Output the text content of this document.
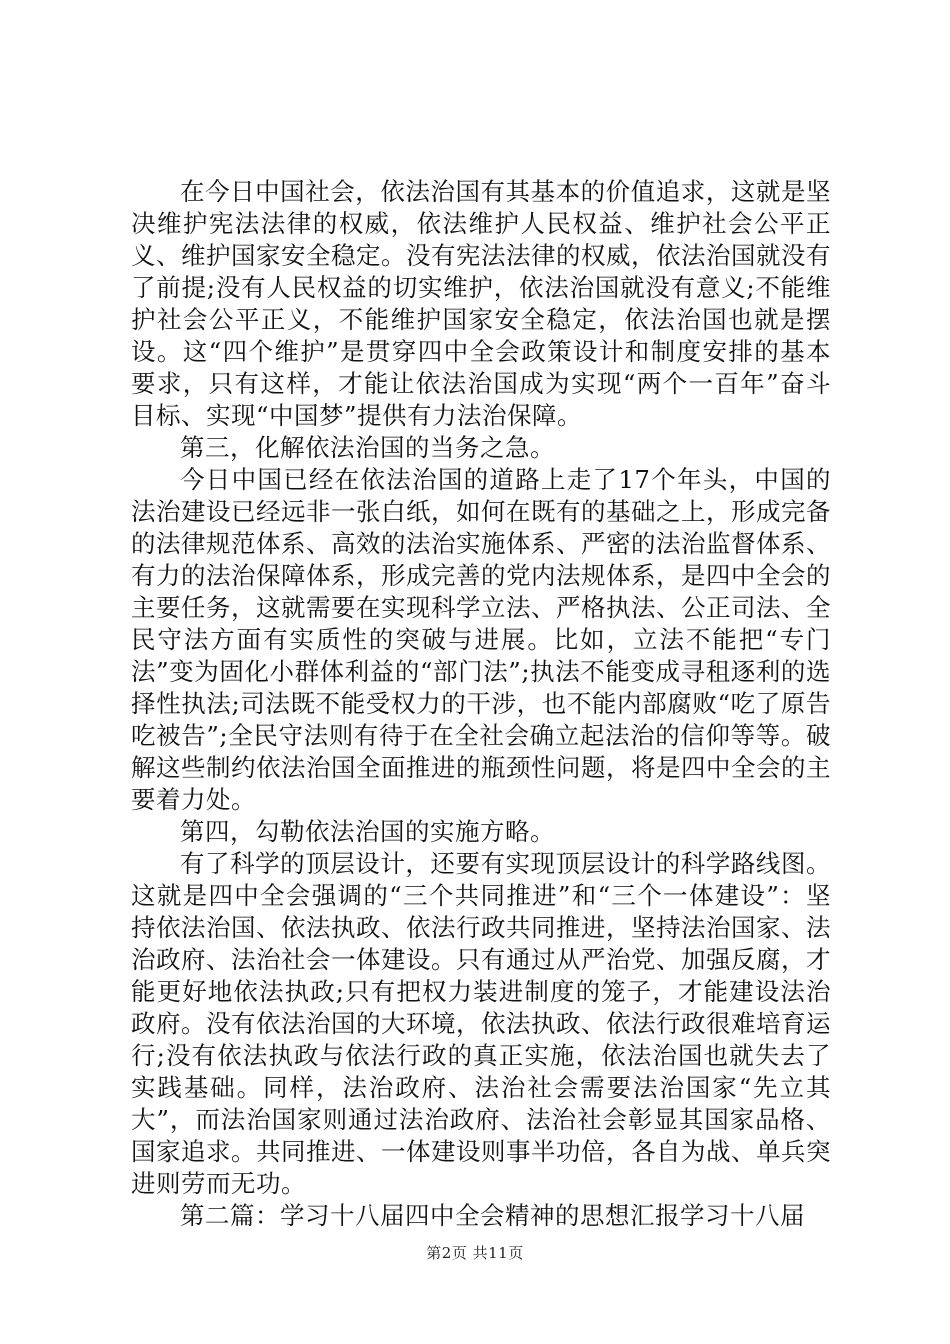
在今日中国社会，依法治国有其基本的价值追求，这就是坚决维护宪法法律的权威，依法维护人民权益、维护社会公平正义、维护国家安全稳定。没有宪法法律的权威，依法治国就没有了前提;没有人民权益的切实维护，依法治国就没有意义;不能维护社会公平正义，不能维护国家安全稳定，依法治国也就是摆设。这“四个维护”是贯穿四中全会政策设计和制度安排的基本要求，只有这样，才能让依法治国成为实现“两个一百年”奋斗目标、实现“中国梦”提供有力法治保障。

第三，化解依法治国的当务之急。

今日中国已经在依法治国的道路上走了17个年头，中国的法治建设已经远非一张白纸，如何在既有的基础之上，形成完备的法律规范体系、高效的法治实施体系、严密的法治监督体系、有力的法治保障体系，形成完善的党内法规体系，是四中全会的主要任务，这就需要在实现科学立法、严格执法、公正司法、全民守法方面有实质性的突破与进展。比如，立法不能把“专门法”变为固化小群体利益的“部门法”;执法不能变成寻租逐利的选择性执法;司法既不能受权力的干涉，也不能内部腐败“吃了原告吃被告”;全民守法则有待于在全社会确立起法治的信仰等等。破解这些制约依法治国全面推进的瓶颈性问题，将是四中全会的主要着力处。

第四，勾勒依法治国的实施方略。

有了科学的顶层设计，还要有实现顶层设计的科学路线图。这就是四中全会强调的“三个共同推进”和“三个一体建设”：坚持依法治国、依法执政、依法行政共同推进，坚持法治国家、法治政府、法治社会一体建设。只有通过从严治党、加强反腐，才能更好地依法执政;只有把权力装进制度的笼子，才能建设法治政府。没有依法治国的大环境，依法执政、依法行政很难培育运行;没有依法执政与依法行政的真正实施，依法治国也就失去了实践基础。同样，法治政府、法治社会需要法治国家“先立其大”，而法治国家则通过法治政府、法治社会彰显其国家品格、国家追求。共同推进、一体建设则事半功倍，各自为战、单兵突进则劳而无功。

第二篇：学习十八届四中全会精神的思想汇报学习十八届

第2页 共11页
